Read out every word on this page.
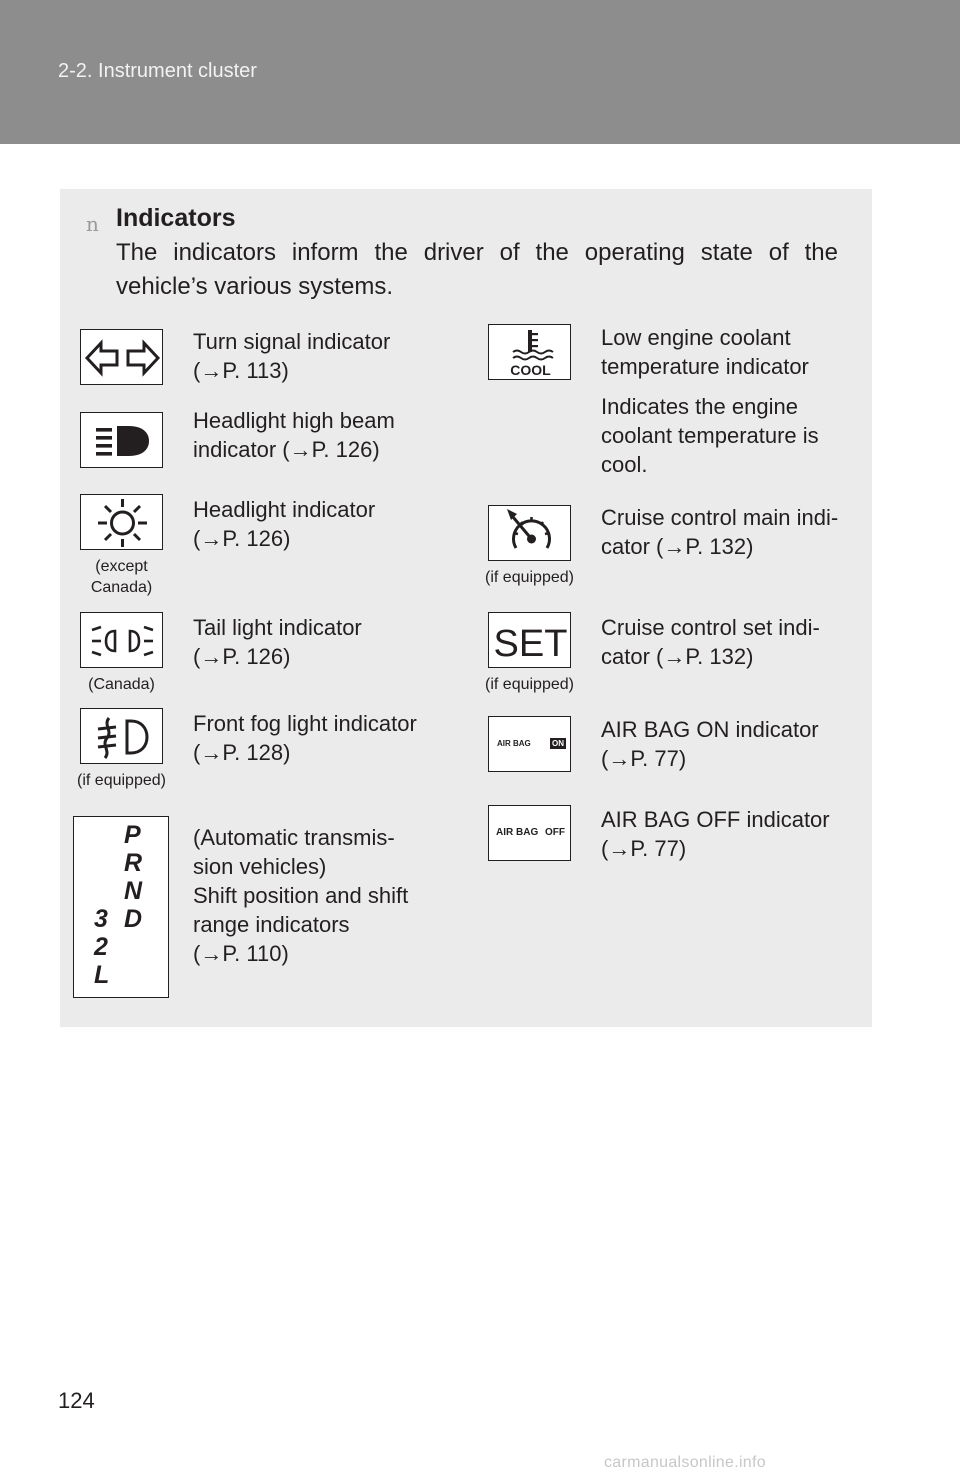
2-2. Instrument cluster
n Indicators
The indicators inform the driver of the operating state of the vehicle’s various systems.
Turn signal indicator
(→P. 113)
Headlight high beam
indicator (→P. 126)
(except
Canada)
Headlight indicator
(→P. 126)
(Canada)
Tail light indicator
(→P. 126)
(if equipped)
Front fog light indicator
(→P. 128)
P
R
N
D
3
2
L
(Automatic transmis-
sion vehicles)
Shift position and shift
range indicators
(→P. 110)
COOL
Low engine coolant
temperature indicator
Indicates the engine
coolant temperature is
cool.
(if equipped)
Cruise control main indi-
cator (→P. 132)
SET
(if equipped)
Cruise control set indi-
cator (→P. 132)
AIR BAG	ON
AIR BAG ON indicator
(→P. 77)
AIR BAG OFF
AIR BAG OFF indicator
(→P. 77)
124
carmanualsonline.info
